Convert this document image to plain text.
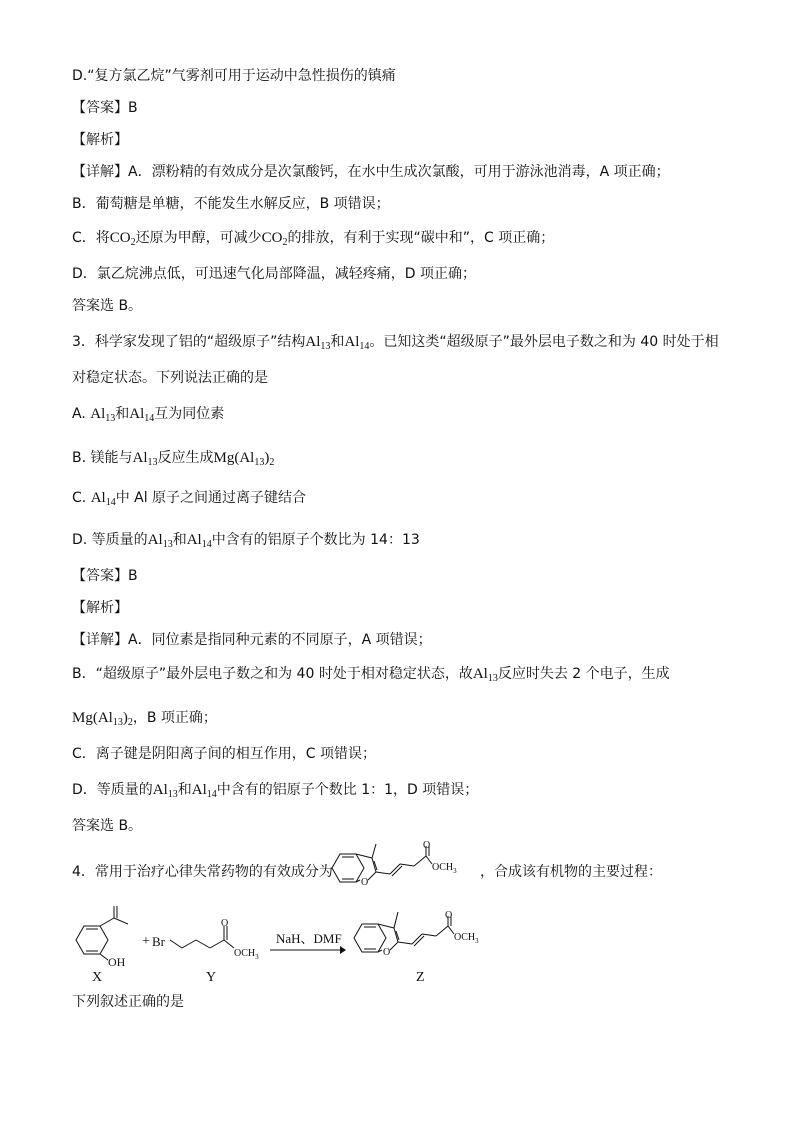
D.“复方氯乙烷”气雾剂可用于运动中急性损伤的镇痛
【答案】B
【解析】
【详解】A．漂粉精的有效成分是次氯酸钙，在水中生成次氯酸，可用于游泳池消毒，A 项正确；
B．葡萄糖是单糖，不能发生水解反应，B 项错误；
C．将$CO_2$还原为甲醇，可减少$CO_2$的排放，有利于实现“碳中和”，C 项正确；
D．氯乙烷沸点低，可迅速气化局部降温，减轻疼痛，D 项正确；
答案选 B。
3．科学家发现了铝的“超级原子”结构$Al_{13}$和$Al_{14}$。已知这类“超级原子”最外层电子数之和为 40 时处于相
对稳定状态。下列说法正确的是
A. $Al_{13}$和$Al_{14}$互为同位素
B. 镁能与$Al_{13}$反应生成$Mg(Al_{13})_2$
C. $Al_{14}$中 Al 原子之间通过离子键结合
D. 等质量的$Al_{13}$和$Al_{14}$中含有的铝原子个数比为 14：13
【答案】B
【解析】
【详解】A．同位素是指同种元素的不同原子，A 项错误；
B．“超级原子”最外层电子数之和为 40 时处于相对稳定状态，故$Al_{13}$反应时失去 2 个电子，生成
$Mg(Al_{13})_2$，B 项正确；
C．离子键是阴阳离子间的相互作用，C 项错误；
D．等质量的$Al_{13}$和$Al_{14}$中含有的铝原子个数比 1：1，D 项错误；
答案选 B。
4．常用于治疗心律失常药物的有效成分为	，合成该有机物的主要过程：
O
O
$OCH_3$
OH
X
+ Br
O
$OCH_3$
Y
NaH、DMF
O
O
$OCH_3$
Z
下列叙述正确的是
